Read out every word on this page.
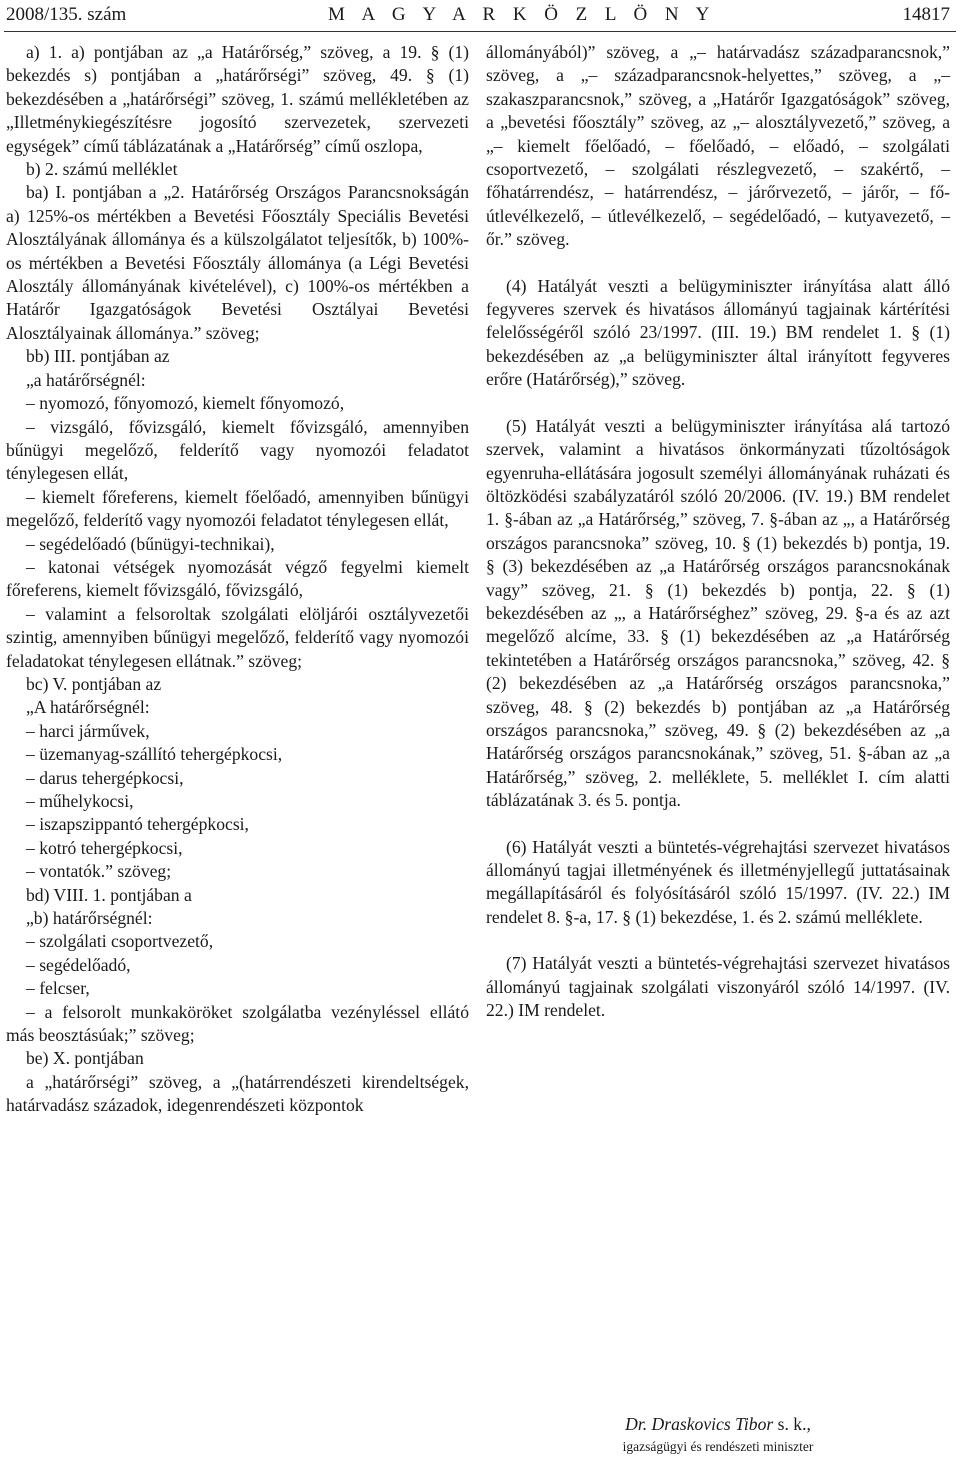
2008/135. szám	M A G Y A R K Ö Z L Ö N Y	14817

a) 1. a) pontjában az „a Határőrség,” szöveg, a 19. § (1) bekezdés s) pontjában a „határőrségi” szöveg, 49. § (1) bekezdésében a „határőrségi” szöveg, 1. számú mellékletében az „Illetménykiegészítésre jogosító szervezetek, szervezeti egységek” című táblázatának a „Határőrség” című oszlopa,

b) 2. számú melléklet

ba) I. pontjában a „2. Határőrség Országos Parancsnokságán a) 125%-os mértékben a Bevetési Főosztály Speciális Bevetési Alosztályának állománya és a külszolgálatot teljesítők, b) 100%-os mértékben a Bevetési Főosztály állománya (a Légi Bevetési Alosztály állományának kivételével), c) 100%-os mértékben a Határőr Igazgatóságok Bevetési Osztályai Bevetési Alosztályainak állománya.” szöveg;

bb) III. pontjában az

„a határőrségnél:

– nyomozó, főnyomozó, kiemelt főnyomozó,

– vizsgáló, fővizsgáló, kiemelt fővizsgáló, amennyiben bűnügyi megelőző, felderítő vagy nyomozói feladatot ténylegesen ellát,

– kiemelt főreferens, kiemelt főelőadó, amennyiben bűnügyi megelőző, felderítő vagy nyomozói feladatot ténylegesen ellát,

– segédelőadó (bűnügyi-technikai),

– katonai vétségek nyomozását végző fegyelmi kiemelt főreferens, kiemelt fővizsgáló, fővizsgáló,

– valamint a felsoroltak szolgálati elöljárói osztályvezetői szintig, amennyiben bűnügyi megelőző, felderítő vagy nyomozói feladatokat ténylegesen ellátnak.” szöveg;

bc) V. pontjában az

„A határőrségnél:

– harci járművek,

– üzemanyag-szállító tehergépkocsi,

– darus tehergépkocsi,

– műhelykocsi,

– iszapszippantó tehergépkocsi,

– kotró tehergépkocsi,

– vontatók.” szöveg;

bd) VIII. 1. pontjában a

„b) határőrségnél:

– szolgálati csoportvezető,

– segédelőadó,

– felcser,

– a felsorolt munkaköröket szolgálatba vezényléssel ellátó más beosztásúak;” szöveg;

be) X. pontjában

a „határőrségi” szöveg, a „(határrendészeti kirendeltségek, határvadász századok, idegenrendészeti központok

állományából)” szöveg, a „– határvadász századparancsnok,” szöveg, a „– századparancsnok-helyettes,” szöveg, a „– szakaszparancsnok,” szöveg, a „Határőr Igazgatóságok” szöveg, a „bevetési főosztály” szöveg, az „– alosztályvezető,” szöveg, a „– kiemelt főelőadó, – főelőadó, – előadó, – szolgálati csoportvezető, – szolgálati részlegvezető, – szakértő, – főhatárrendész, – határrendész, – járőrvezető, – járőr, – fő-útlevélkezelő, – útlevélkezelő, – segédelőadó, – kutyavezető, – őr.” szöveg.

(4) Hatályát veszti a belügyminiszter irányítása alatt álló fegyveres szervek és hivatásos állományú tagjainak kártérítési felelősségéről szóló 23/1997. (III. 19.) BM rendelet 1. § (1) bekezdésében az „a belügyminiszter által irányított fegyveres erőre (Határőrség),” szöveg.

(5) Hatályát veszti a belügyminiszter irányítása alá tartozó szervek, valamint a hivatásos önkormányzati tűzoltóságok egyenruha-ellátására jogosult személyi állományának ruházati és öltözködési szabályzatáról szóló 20/2006. (IV. 19.) BM rendelet 1. §-ában az „a Határőrség,” szöveg, 7. §-ában az „, a Határőrség országos parancsnoka” szöveg, 10. § (1) bekezdés b) pontja, 19. § (3) bekezdésében az „a Határőrség országos parancsnokának vagy” szöveg, 21. § (1) bekezdés b) pontja, 22. § (1) bekezdésében az „, a Határőrséghez” szöveg, 29. §-a és az azt megelőző alcíme, 33. § (1) bekezdésében az „a Határőrség tekintetében a Határőrség országos parancsnoka,” szöveg, 42. § (2) bekezdésében az „a Határőrség országos parancsnoka,” szöveg, 48. § (2) bekezdés b) pontjában az „a Határőrség országos parancsnoka,” szöveg, 49. § (2) bekezdésében az „a Határőrség országos parancsnokának,” szöveg, 51. §-ában az „a Határőrség,” szöveg, 2. melléklete, 5. melléklet I. cím alatti táblázatának 3. és 5. pontja.

(6) Hatályát veszti a büntetés-végrehajtási szervezet hivatásos állományú tagjai illetményének és illetményjellegű juttatásainak megállapításáról és folyósításáról szóló 15/1997. (IV. 22.) IM rendelet 8. §-a, 17. § (1) bekezdése, 1. és 2. számú melléklete.

(7) Hatályát veszti a büntetés-végrehajtási szervezet hivatásos állományú tagjainak szolgálati viszonyáról szóló 14/1997. (IV. 22.) IM rendelet.

Dr. Draskovics Tibor s. k.,

igazságügyi és rendészeti miniszter
